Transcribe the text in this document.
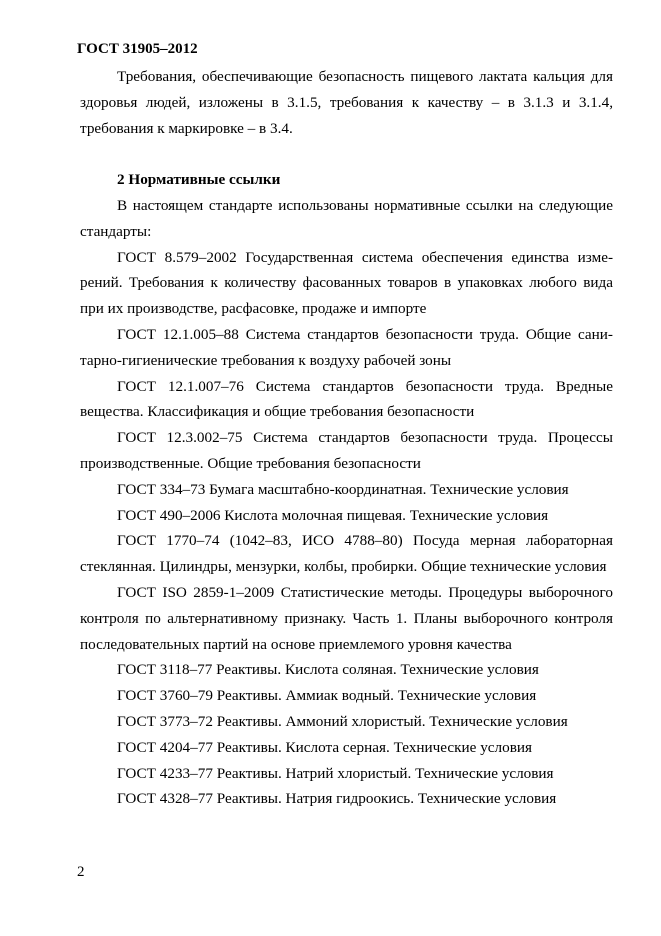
ГОСТ 31905–2012

Требования, обеспечивающие безопасность пищевого лактата кальция для здоровья людей, изложены в 3.1.5, требования к качеству – в 3.1.3 и 3.1.4, требования к маркировке – в 3.4.

2 Нормативные ссылки

В настоящем стандарте использованы нормативные ссылки на следующие стандарты:

ГОСТ 8.579–2002 Государственная система обеспечения единства изме-рений. Требования к количеству фасованных товаров в упаковках любого вида при их производстве, расфасовке, продаже и импорте

ГОСТ 12.1.005–88 Система стандартов безопасности труда. Общие сани-тарно-гигиенические требования к воздуху рабочей зоны

ГОСТ 12.1.007–76 Система стандартов безопасности труда. Вредные вещества. Классификация и общие требования безопасности

ГОСТ 12.3.002–75 Система стандартов безопасности труда. Процессы производственные. Общие требования безопасности

ГОСТ 334–73 Бумага масштабно-координатная. Технические условия

ГОСТ 490–2006 Кислота молочная пищевая. Технические условия

ГОСТ 1770–74 (1042–83, ИСО 4788–80) Посуда мерная лабораторная стеклянная. Цилиндры, мензурки, колбы, пробирки. Общие технические условия

ГОСТ ISO 2859-1–2009 Статистические методы. Процедуры выборочного контроля по альтернативному признаку. Часть 1. Планы выборочного контроля последовательных партий на основе приемлемого уровня качества

ГОСТ 3118–77 Реактивы. Кислота соляная. Технические условия

ГОСТ 3760–79 Реактивы. Аммиак водный. Технические условия

ГОСТ 3773–72 Реактивы. Аммоний хлористый. Технические условия

ГОСТ 4204–77 Реактивы. Кислота серная. Технические условия

ГОСТ 4233–77 Реактивы. Натрий хлористый. Технические условия

ГОСТ 4328–77 Реактивы. Натрия гидроокись. Технические условия

2
